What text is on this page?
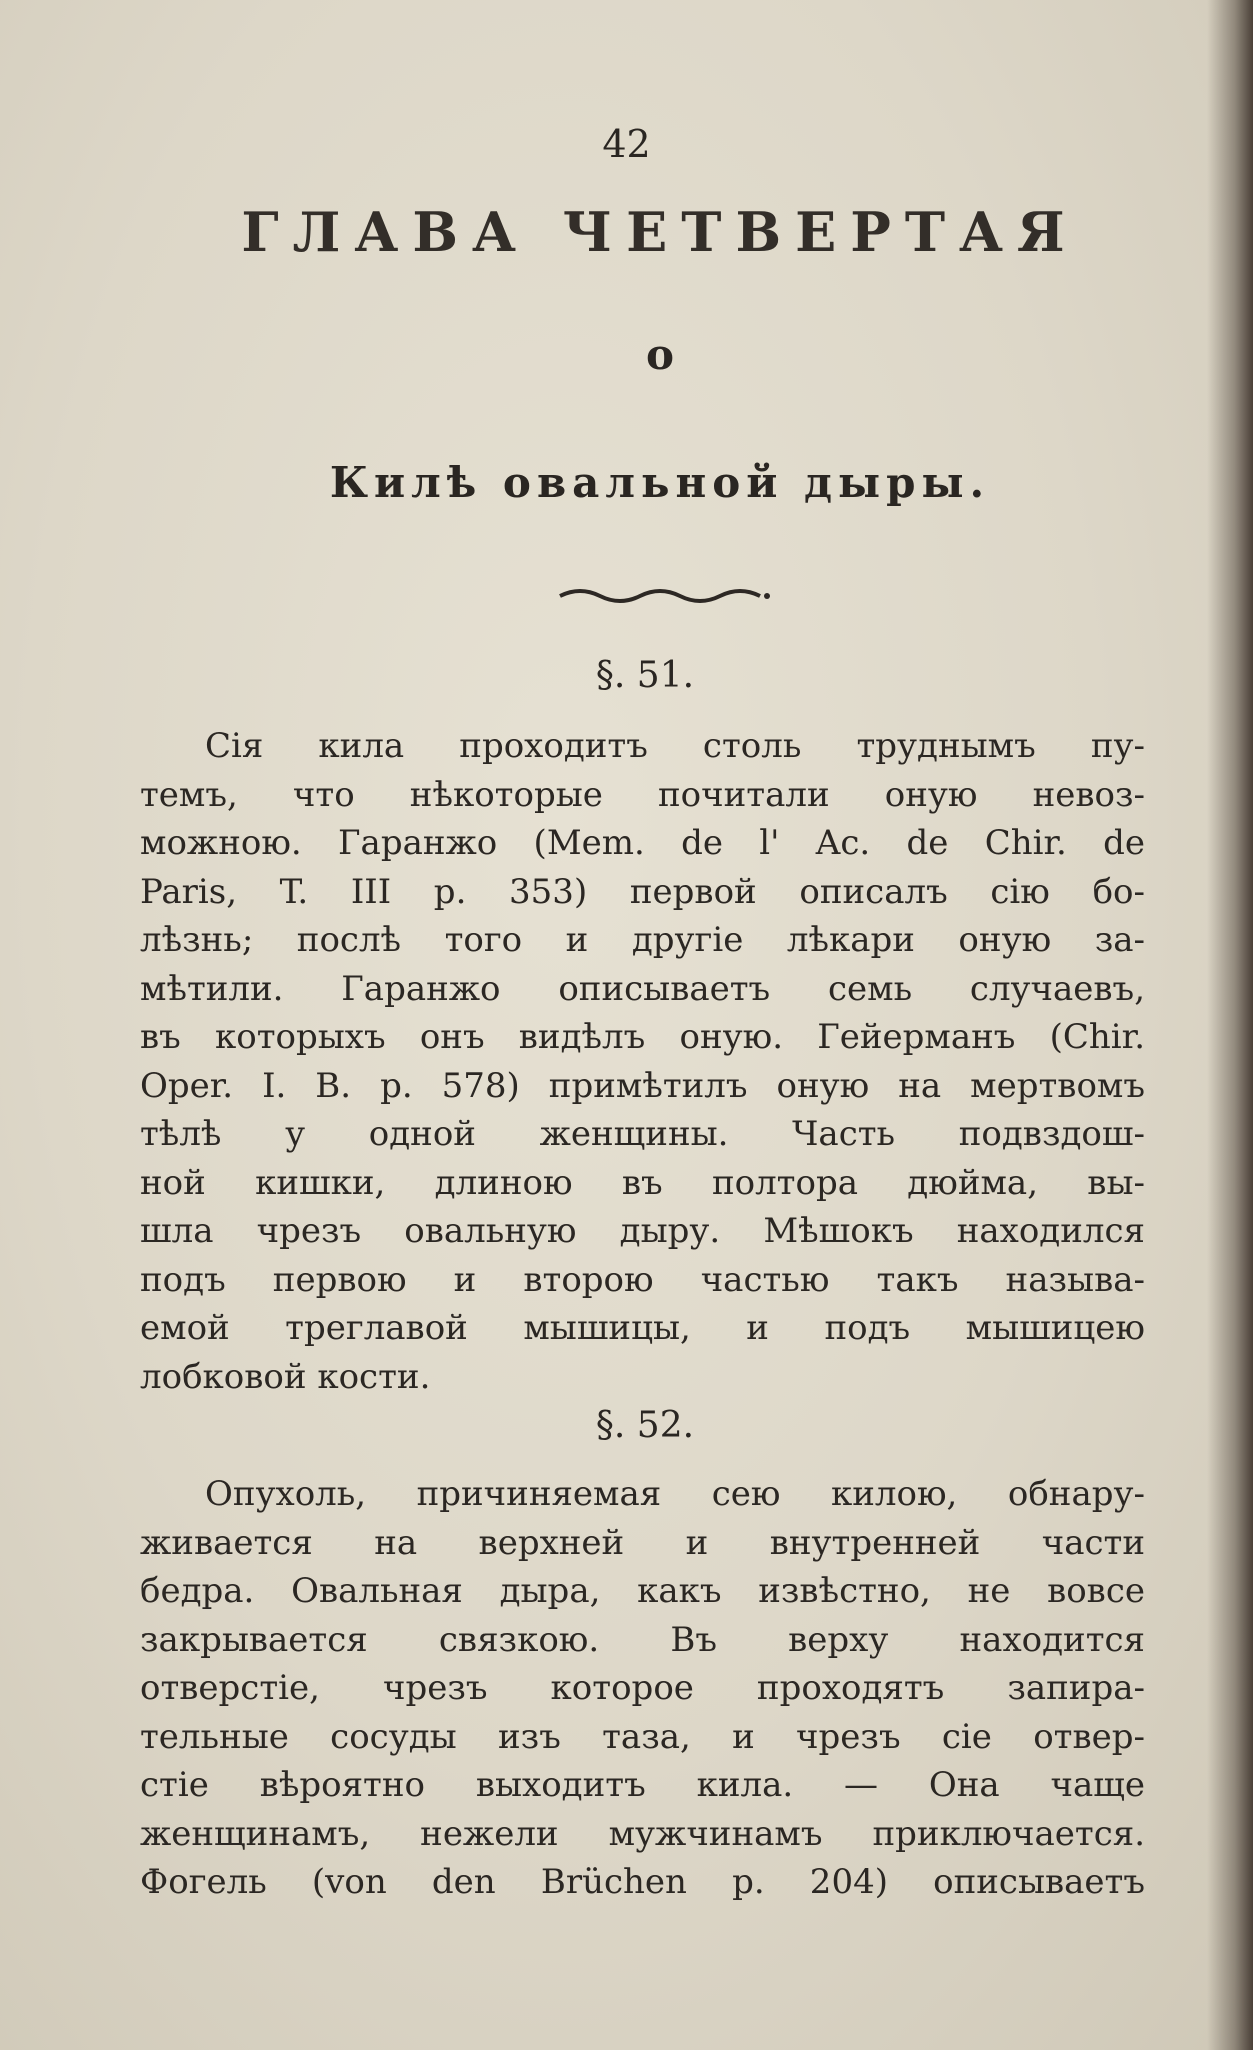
42
ГЛАВА ЧЕТВЕРТАЯ
о
Килѣ овальной дыры.
§. 51.
Сія кила проходитъ столь труднымъ пу-
темъ, что нѣкоторые почитали оную невоз-
можною. Гаранжо (Mem. de l' Ac. de Chir. de
Paris, T. III p. 353) первой описалъ сію бо-
лѣзнь; послѣ того и другіе лѣкари оную за-
мѣтили. Гаранжо описываетъ семь случаевъ,
въ которыхъ онъ видѣлъ оную. Гейерманъ (Chir.
Oper. I. B. p. 578) примѣтилъ оную на мертвомъ
тѣлѣ у одной женщины. Часть подвздош-
ной кишки, длиною въ полтора дюйма, вы-
шла чрезъ овальную дыру. Мѣшокъ находился
подъ первою и второю частью такъ называ-
емой треглавой мышицы, и подъ мышицею
лобковой кости.
§. 52.
Опухоль, причиняемая сею килою, обнару-
живается на верхней и внутренней части
бедра. Овальная дыра, какъ извѣстно, не вовсе
закрывается связкою. Въ верху находится
отверстіе, чрезъ которое проходятъ запира-
тельные сосуды изъ таза, и чрезъ сіе отвер-
стіе вѣроятно выходитъ кила. — Она чаще
женщинамъ, нежели мужчинамъ приключается.
Фогель (von den Brüchen p. 204) описываетъ
